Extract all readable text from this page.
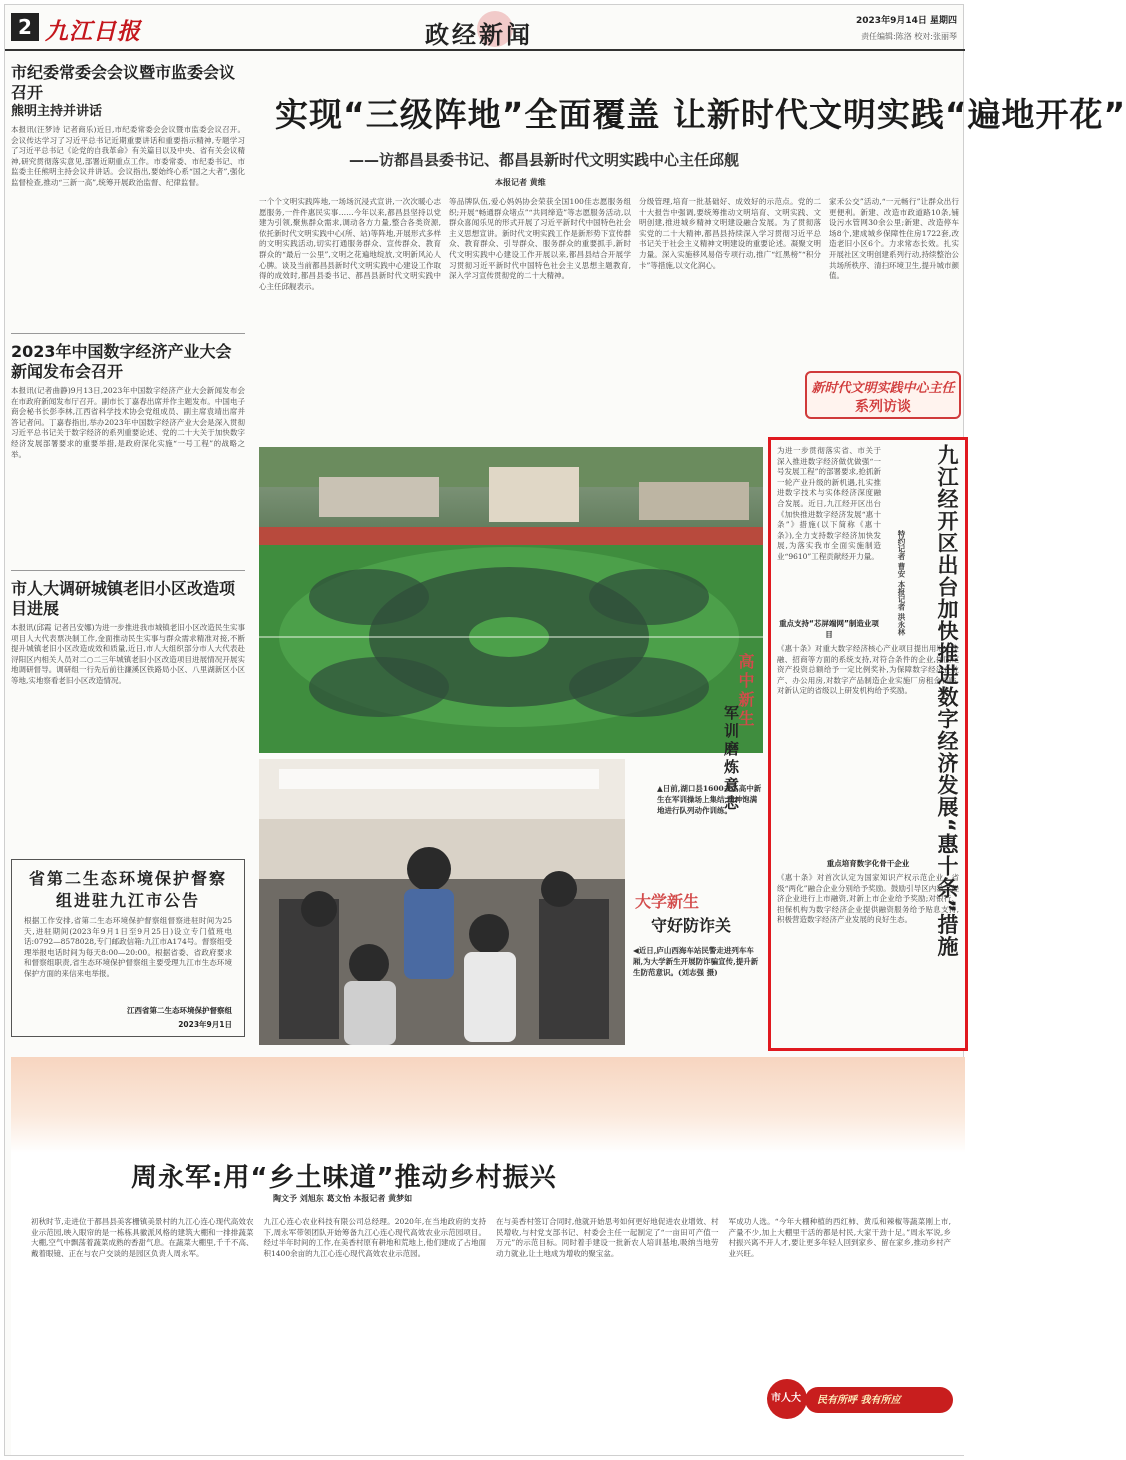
2 九江日报	政经新闻	2023年9月14日 星期四
责任编辑:陈洛 校对:张丽琴
市纪委常委会会议暨市监委会议召开
熊明主持并讲话
本报讯(汪梦诗 记者商乐)近日,市纪委常委会会议暨市监委会议召开。会议传达学习了习近平总书记近期重要讲话和重要指示精神,专题学习了习近平总书记《论党的自我革命》有关篇目以及中央、省有关会议精神,研究贯彻落实意见,部署近期重点工作。市委常委、市纪委书记、市监委主任熊明主持会议并讲话。会议指出,要始终心系“国之大者”,强化监督检查,推动“三新一高”,统筹开展政治监督、纪律监督。
2023年中国数字经济产业大会新闻发布会召开
本报讯(记者曲静)9月13日,2023年中国数字经济产业大会新闻发布会在市政府新闻发布厅召开。副市长丁嘉春出席并作主题发布。中国电子商会秘书长彭李林,江西省科学技术协会党组成员、副主席袁靖出席并答记者问。丁嘉春指出,举办2023年中国数字经济产业大会是深入贯彻习近平总书记关于数字经济的系列重要论述、党的二十大关于加快数字经济发展部署要求的重要举措,是政府深化实施“一号工程”的战略之举。
市人大调研城镇老旧小区改造项目进展
本报讯(邱霞 记者吕安娜)为进一步推进我市城镇老旧小区改造民生实事项目人大代表票决制工作,金面推动民生实事与群众需求精准对接,不断提升城镇老旧小区改造成效和质量,近日,市人大组织部分市人大代表赴浔阳区内相关人员对二○二三年城镇老旧小区改造项目进展情况开展实地调研督导。调研组一行先后前往濂溪区铁路局小区、八里湖新区小区等地,实地察看老旧小区改造情况。
省第二生态环境保护督察组进驻九江市公告
根据工作安排,省第二生态环境保护督察组督察进驻时间为25天,进驻期间(2023年9月1日至9月25日)设立专门值班电话:0792—8578028,专门邮政信箱:九江市A174号。督察组受理举报电话时间为每天8:00—20:00。根据省委、省政府要求和督察组职责,省生态环境保护督察组主要受理九江市生态环境保护方面的来信来电举报。
江西省第二生态环境保护督察组
2023年9月1日
实现“三级阵地”全面覆盖 让新时代文明实践“遍地开花”
——访都昌县委书记、都昌县新时代文明实践中心主任邱舰
本报记者 黄维
一个个文明实践阵地,一场场沉浸式宣讲,一次次暖心志愿服务,一件件惠民实事……今年以来,都昌县坚持以党建为引领,聚焦群众需求,调动各方力量,整合各类资源,依托新时代文明实践中心(所、站)等阵地,开展形式多样的文明实践活动,切实打通服务群众、宣传群众、教育群众的“最后一公里”,文明之花遍地绽放,文明新风沁人心脾。谈及当前都昌县新时代文明实践中心建设工作取得的成效时,都昌县委书记、都昌县新时代文明实践中心主任邱舰表示。
等品牌队伍,爱心妈妈协会荣获全国100佳志愿服务组织;开展“畅通群众堵点”“共同缔造”等志愿服务活动,以群众喜闻乐见的形式开展了习近平新时代中国特色社会主义思想宣讲。新时代文明实践工作是新形势下宣传群众、教育群众、引导群众、服务群众的重要抓手,新时代文明实践中心建设工作开展以来,都昌县结合开展学习贯彻习近平新时代中国特色社会主义思想主题教育,深入学习宣传贯彻党的二十大精神。
分级管理,培育一批基础好、成效好的示范点。党的二十大报告中强调,要统筹推动文明培育、文明实践、文明创建,推进城乡精神文明建设融合发展。为了贯彻落实党的二十大精神,都昌县持续深入学习贯彻习近平总书记关于社会主义精神文明建设的重要论述。凝聚文明力量。深入实施移风易俗专项行动,推广“红黑榜”“积分卡”等措施,以文化润心。
家禾公交”活动,“一元畅行”让群众出行更便利。新建、改造市政道路10条,铺设污水管网30余公里;新建、改造停车场8个,建成城乡保障性住房1722套,改造老旧小区6个。力求常态长效。扎实开展社区文明创建系列行动,持续整治公共场所秩序、清扫环境卫生,提升城市颜值。
新时代文明实践中心主任
系列访谈
高中新生
军训磨炼意志
▲日前,湖口县1600多名高中新生在军训操场上集结,精神饱满地进行队列动作训练。
大学新生
守好防诈关
◀近日,庐山西海车站民警走进列车车厢,为大学新生开展防诈骗宣传,提升新生防范意识。(刘志强 摄)
九江经开区出台加快推进数字经济发展“惠十条”措施
特约记者 曹安 本报记者 洪永林
为进一步贯彻落实省、市关于深入推进数字经济做优做强“一号发展工程”的部署要求,抢抓新一轮产业升级的新机遇,扎实推进数字技术与实体经济深度融合发展。近日,九江经开区出台《加快推进数字经济发展“惠十条”》措施(以下简称《惠十条》),全力支持数字经济加快发展,为落实我市全面实施制造业“9610”工程贡献经开力量。
重点支持“芯屏端网”制造业项目
《惠十条》对重大数字经济核心产业项目提出用地、金融、招商等方面的系统支持,对符合条件的企业,按固定资产投资总额给予一定比例奖补,为保障数字经济企业产、办公用房,对数字产品制造企业实施厂房租金补贴,对新认定的省级以上研发机构给予奖励。
重点培育数字化骨干企业
《惠十条》对首次认定为国家知识产权示范企业、省级“两化”融合企业分别给予奖励。鼓励引导区内数字经济企业进行上市融资,对新上市企业给予奖励;对银行、担保机构为数字经济企业提供融资服务给予贴息支持,积极营造数字经济产业发展的良好生态。
周永军:用“乡土味道”推动乡村振兴
陶文予 刘旭东 葛文怡 本报记者 黄梦如
初秋时节,走进位于都昌县美客栅镇美景村的九江心连心现代高效农业示范园,映入眼帘的是一栋栋具徽派风格的建筑大棚和一排排蔬菜大棚,空气中飘荡着蔬菜成熟的香甜气息。在蔬菜大棚里,千千不高、戴着眼镜、正在与农户交谈的是园区负责人周永军。
九江心连心农业科技有限公司总经理。2020年,在当地政府的支持下,周永军带领团队开始筹备九江心连心现代高效农业示范园项目。经过半年时间的工作,在美香村原有耕地和荒地上,他们建成了占地面积1400余亩的九江心连心现代高效农业示范园。
在与美香村签订合同时,他就开始思考如何更好地促进农业增效、村民增收,与村党支部书记、村委会主任一起制定了“一亩田可产值一万元”的示范目标。同时着手建设一批新农人培训基地,吸纳当地劳动力就业,让土地成为增收的聚宝盆。
军成功人选。“今年大棚种植的西红柿、黄瓜和辣椒等蔬菜刚上市,产量不少,加上大棚里干活的都是村民,大家干劲十足。”周永军说,乡村振兴离不开人才,要让更多年轻人回到家乡、留在家乡,推动乡村产业兴旺。
市人大 民有所呼 我有所应
